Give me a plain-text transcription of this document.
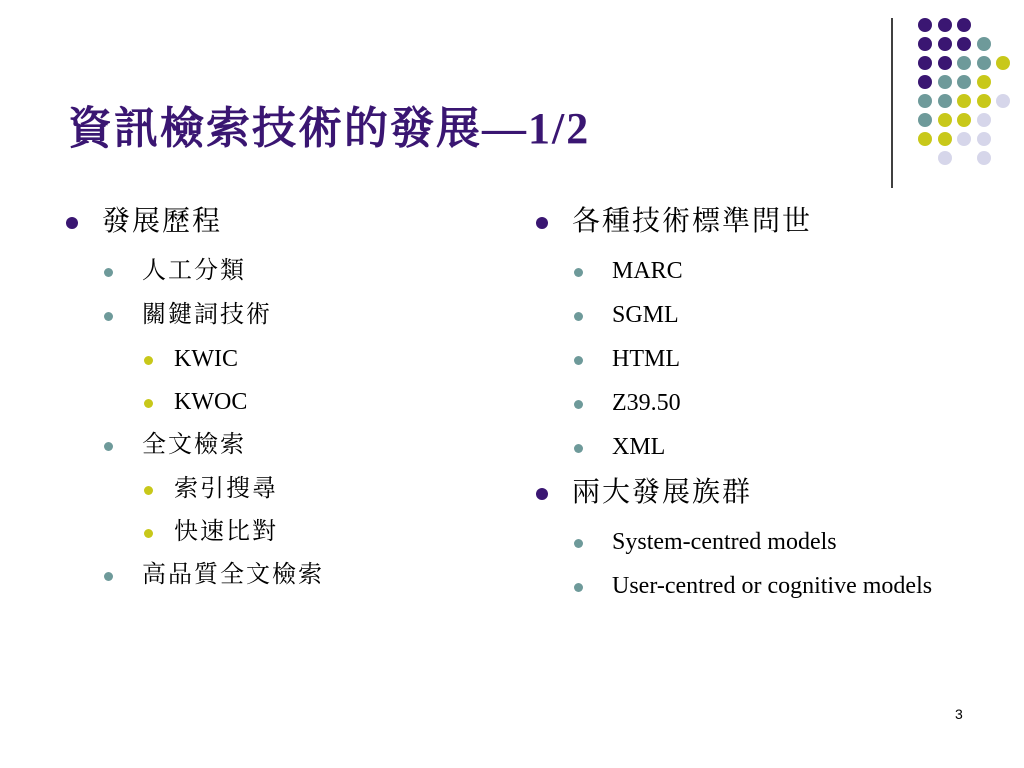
資訊檢索技術的發展—1/2
發展歷程
人工分類
關鍵詞技術
KWIC
KWOC
全文檢索
索引搜尋
快速比對
高品質全文檢索
各種技術標準問世
MARC
SGML
HTML
Z39.50
XML
兩大發展族群
System-centred models
User-centred or cognitive models
3
